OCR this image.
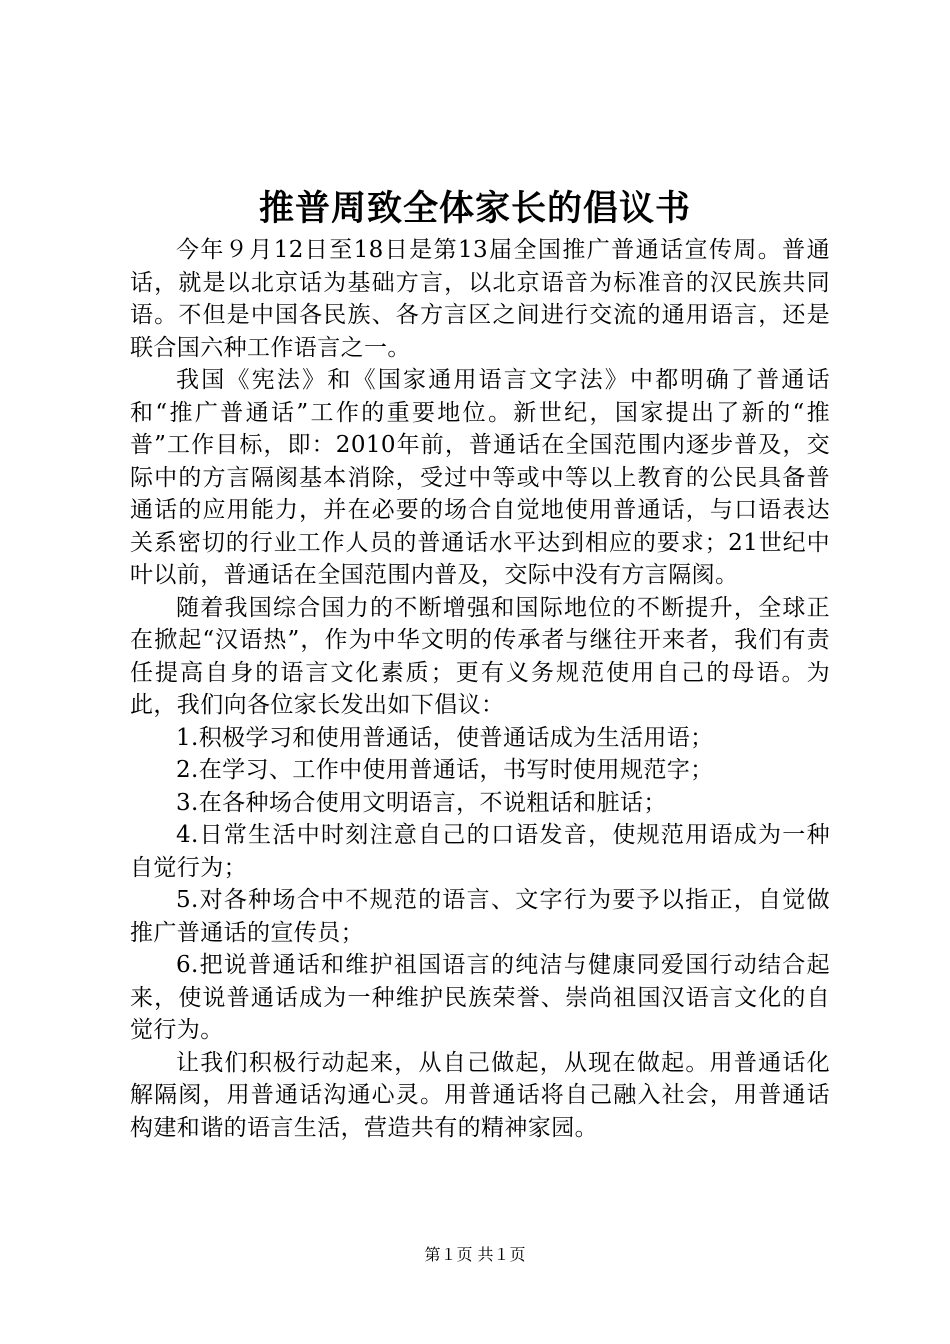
推普周致全体家长的倡议书

今年９月12日至18日是第13届全国推广普通话宣传周。普通话，就是以北京话为基础方言，以北京语音为标准音的汉民族共同语。不但是中国各民族、各方言区之间进行交流的通用语言，还是联合国六种工作语言之一。

我国《宪法》和《国家通用语言文字法》中都明确了普通话和“推广普通话”工作的重要地位。新世纪，国家提出了新的“推普”工作目标，即：2010年前，普通话在全国范围内逐步普及，交际中的方言隔阂基本消除，受过中等或中等以上教育的公民具备普通话的应用能力，并在必要的场合自觉地使用普通话，与口语表达关系密切的行业工作人员的普通话水平达到相应的要求；21世纪中叶以前，普通话在全国范围内普及，交际中没有方言隔阂。

随着我国综合国力的不断增强和国际地位的不断提升，全球正在掀起“汉语热”，作为中华文明的传承者与继往开来者，我们有责任提高自身的语言文化素质；更有义务规范使用自己的母语。为此，我们向各位家长发出如下倡议：

1.积极学习和使用普通话，使普通话成为生活用语；

2.在学习、工作中使用普通话，书写时使用规范字；

3.在各种场合使用文明语言，不说粗话和脏话；

4.日常生活中时刻注意自己的口语发音，使规范用语成为一种自觉行为；

5.对各种场合中不规范的语言、文字行为要予以指正，自觉做推广普通话的宣传员；

6.把说普通话和维护祖国语言的纯洁与健康同爱国行动结合起来，使说普通话成为一种维护民族荣誉、崇尚祖国汉语言文化的自觉行为。

让我们积极行动起来，从自己做起，从现在做起。用普通话化解隔阂，用普通话沟通心灵。用普通话将自己融入社会，用普通话构建和谐的语言生活，营造共有的精神家园。

第１页 共１页
